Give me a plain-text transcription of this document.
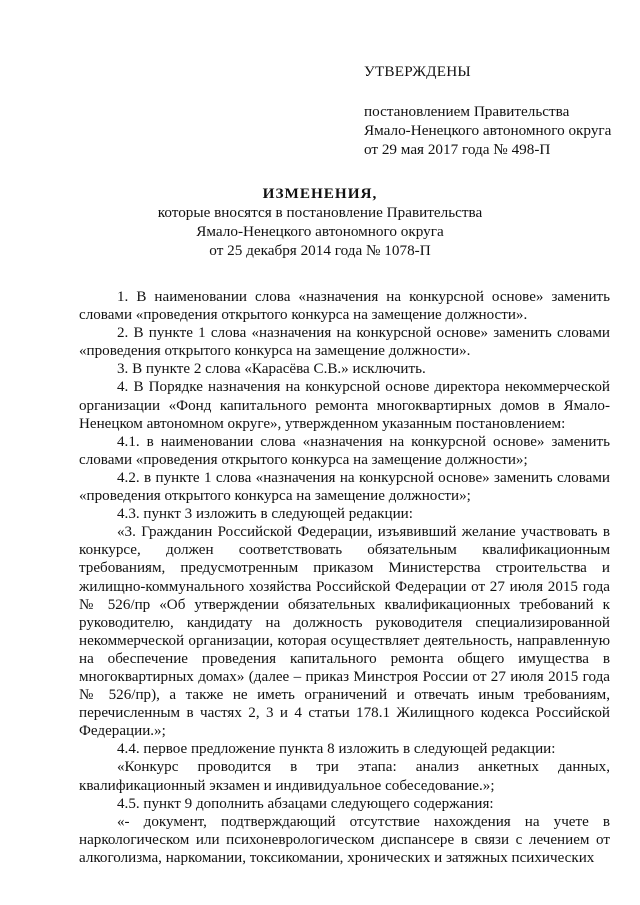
УТВЕРЖДЕНЫ
постановлением Правительства
Ямало-Ненецкого автономного округа
от 29 мая 2017 года № 498-П
ИЗМЕНЕНИЯ,
которые вносятся в постановление Правительства
Ямало-Ненецкого автономного округа
от 25 декабря 2014 года № 1078-П

1. В наименовании слова «назначения на конкурсной основе» заменить словами «проведения открытого конкурса на замещение должности».

2. В пункте 1 слова «назначения на конкурсной основе» заменить словами «проведения открытого конкурса на замещение должности».

3. В пункте 2 слова «Карасёва С.В.» исключить.

4. В Порядке назначения на конкурсной основе директора некоммерческой организации «Фонд капитального ремонта многоквартирных домов в Ямало-Ненецком автономном округе», утвержденном указанным постановлением:

4.1. в наименовании слова «назначения на конкурсной основе» заменить словами «проведения открытого конкурса на замещение должности»;

4.2. в пункте 1 слова «назначения на конкурсной основе» заменить словами «проведения открытого конкурса на замещение должности»;

4.3. пункт 3 изложить в следующей редакции:

«3. Гражданин Российской Федерации, изъявивший желание участвовать в конкурсе, должен соответствовать обязательным квалификационным требованиям, предусмотренным приказом Министерства строительства и жилищно-коммунального хозяйства Российской Федерации от 27 июля 2015 года № 526/пр «Об утверждении обязательных квалификационных требований к руководителю, кандидату на должность руководителя специализированной некоммерческой организации, которая осуществляет деятельность, направленную на обеспечение проведения капитального ремонта общего имущества в многоквартирных домах» (далее – приказ Минстроя России от 27 июля 2015 года № 526/пр), а также не иметь ограничений и отвечать иным требованиям, перечисленным в частях 2, 3 и 4 статьи 178.1 Жилищного кодекса Российской Федерации.»;

4.4. первое предложение пункта 8 изложить в следующей редакции:

«Конкурс проводится в три этапа: анализ анкетных данных, квалификационный экзамен и индивидуальное собеседование.»;

4.5. пункт 9 дополнить абзацами следующего содержания:

«- документ, подтверждающий отсутствие нахождения на учете в наркологическом или психоневрологическом диспансере в связи с лечением от алкоголизма, наркомании, токсикомании, хронических и затяжных психических
